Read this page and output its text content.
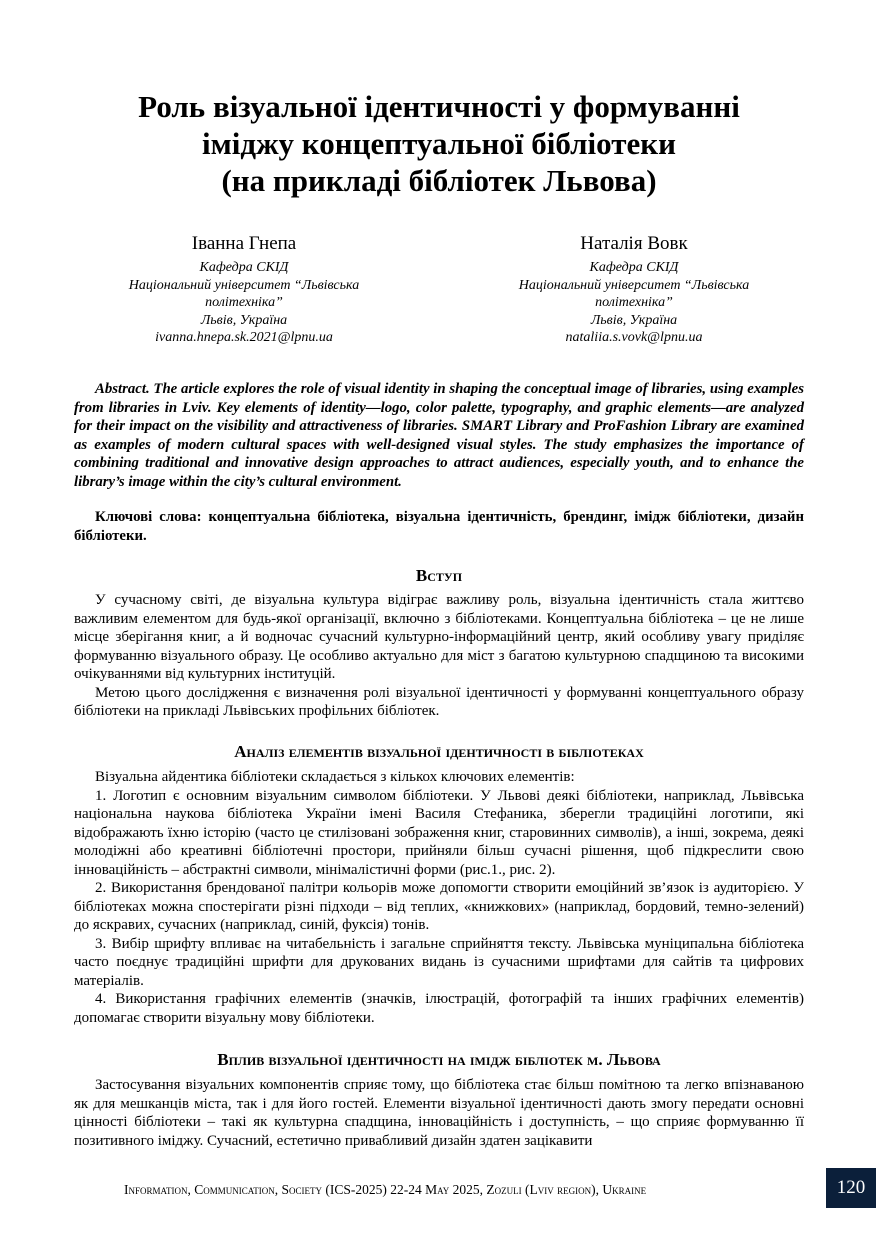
Роль візуальної ідентичності у формуванні
іміджу концептуальної бібліотеки
(на прикладі бібліотек Львова)
Іванна Гнепа
Кафедра СКІД
Національний університет “Львівська
політехніка”
Львів, Україна
ivanna.hnepa.sk.2021@lpnu.ua
Наталія Вовк
Кафедра СКІД
Національний університет “Львівська
політехніка”
Львів, Україна
nataliia.s.vovk@lpnu.ua
Abstract. The article explores the role of visual identity in shaping the conceptual image of libraries, using examples from libraries in Lviv. Key elements of identity—logo, color palette, typography, and graphic elements—are analyzed for their impact on the visibility and attractiveness of libraries. SMART Library and ProFashion Library are examined as examples of modern cultural spaces with well-designed visual styles. The study emphasizes the importance of combining traditional and innovative design approaches to attract audiences, especially youth, and to enhance the library’s image within the city’s cultural environment.
Ключові слова: концептуальна бібліотека, візуальна ідентичність, брендинг, імідж бібліотеки, дизайн бібліотеки.
Вступ

У сучасному світі, де візуальна культура відіграє важливу роль, візуальна ідентичність стала життєво важливим елементом для будь-якої організації, включно з бібліотеками. Концептуальна бібліотека – це не лише місце зберігання книг, а й водночас сучасний культурно-інформаційний центр, який особливу увагу приділяє формуванню візуального образу. Це особливо актуально для міст з багатою культурною спадщиною та високими очікуваннями від культурних інституцій.

Метою цього дослідження є визначення ролі візуальної ідентичності у формуванні концептуального образу бібліотеки на прикладі Львівських профільних бібліотек.

Аналіз елементів візуальної ідентичності в бібліотеках

Візуальна айдентика бібліотеки складається з кількох ключових елементів:

1. Логотип є основним візуальним символом бібліотеки. У Львові деякі бібліотеки, наприклад, Львівська національна наукова бібліотека України імені Василя Стефаника, зберегли традиційні логотипи, які відображають їхню історію (часто це стилізовані зображення книг, старовинних символів), а інші, зокрема, деякі молодіжні або креативні бібліотечні простори, прийняли більш сучасні рішення, щоб підкреслити свою інноваційність – абстрактні символи, мінімалістичні форми (рис.1., рис. 2).

2. Використання брендованої палітри кольорів може допомогти створити емоційний зв’язок із аудиторією. У бібліотеках можна спостерігати різні підходи – від теплих, «книжкових» (наприклад, бордовий, темно-зелений) до яскравих, сучасних (наприклад, синій, фуксія) тонів.

3. Вибір шрифту впливає на читабельність і загальне сприйняття тексту. Львівська муніципальна бібліотека часто поєднує традиційні шрифти для друкованих видань із сучасними шрифтами для сайтів та цифрових матеріалів.

4. Використання графічних елементів (значків, ілюстрацій, фотографій та інших графічних елементів) допомагає створити візуальну мову бібліотеки.

Вплив візуальної ідентичності на імідж бібліотек м. Львова

Застосування візуальних компонентів сприяє тому, що бібліотека стає більш помітною та легко впізнаваною як для мешканців міста, так і для його гостей. Елементи візуальної ідентичності дають змогу передати основні цінності бібліотеки – такі як культурна спадщина, інноваційність і доступність, – що сприяє формуванню її позитивного іміджу. Сучасний, естетично привабливий дизайн здатен зацікавити

Information, Communication, Society (ICS-2025) 22-24 May 2025, Zozuli (Lviv region), Ukraine	120
